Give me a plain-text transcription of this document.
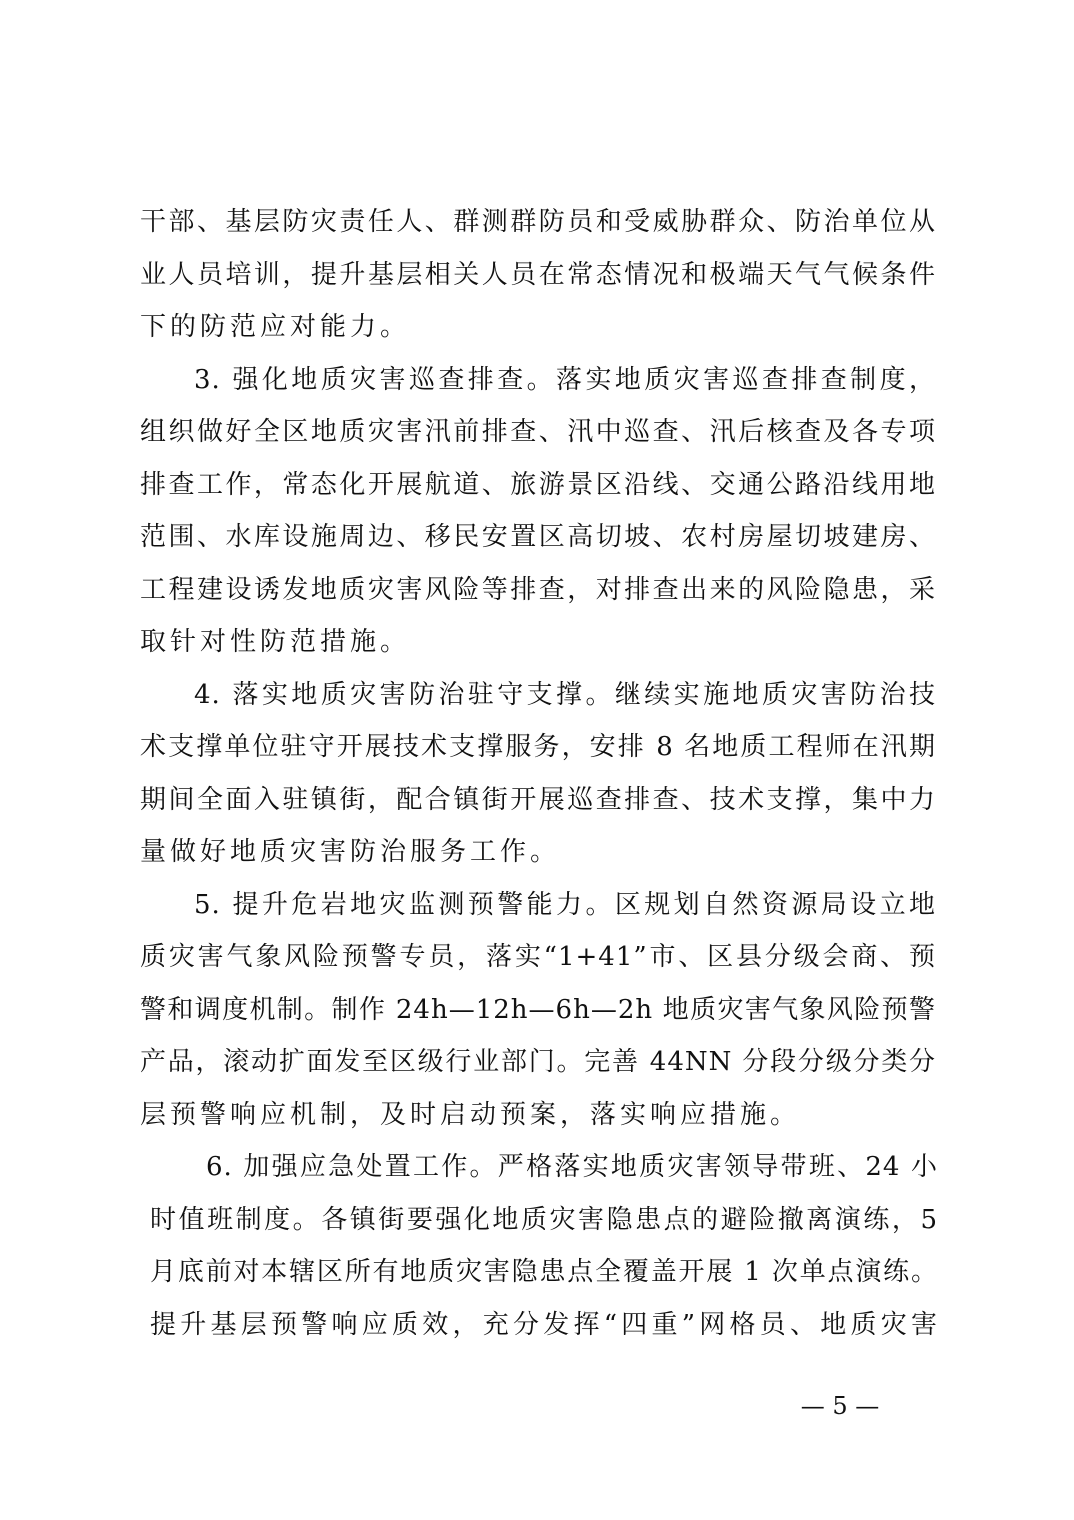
干部、基层防灾责任人、群测群防员和受威胁群众、防治单位从
业人员培训，提升基层相关人员在常态情况和极端天气气候条件
下的防范应对能力。
3. 强化地质灾害巡查排查。落实地质灾害巡查排查制度，
组织做好全区地质灾害汛前排查、汛中巡查、汛后核查及各专项
排查工作，常态化开展航道、旅游景区沿线、交通公路沿线用地
范围、水库设施周边、移民安置区高切坡、农村房屋切坡建房、
工程建设诱发地质灾害风险等排查，对排查出来的风险隐患，采
取针对性防范措施。
4. 落实地质灾害防治驻守支撑。继续实施地质灾害防治技
术支撑单位驻守开展技术支撑服务，安排 8 名地质工程师在汛期
期间全面入驻镇街，配合镇街开展巡查排查、技术支撑，集中力
量做好地质灾害防治服务工作。
5. 提升危岩地灾监测预警能力。区规划自然资源局设立地
质灾害气象风险预警专员，落实“1+41”市、区县分级会商、预
警和调度机制。制作 24h—12h—6h—2h 地质灾害气象风险预警
产品，滚动扩面发至区级行业部门。完善 44NN 分段分级分类分
层预警响应机制，及时启动预案，落实响应措施。
6. 加强应急处置工作。严格落实地质灾害领导带班、24 小
时值班制度。各镇街要强化地质灾害隐患点的避险撤离演练，5
月底前对本辖区所有地质灾害隐患点全覆盖开展 1 次单点演练。
提升基层预警响应质效，充分发挥“四重”网格员、地质灾害
— 5 —
